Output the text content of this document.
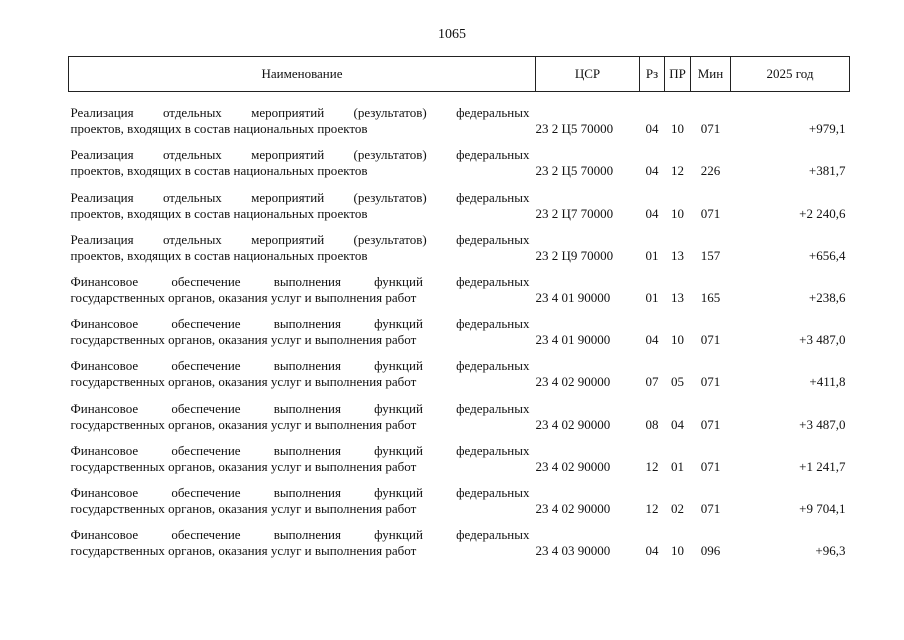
1065
Наименование	ЦСР	Рз	ПР	Мин	2025 год

Реализация отдельных мероприятий (результатов) федеральных
проектов, входящих в состав национальных проектов	23 2 Ц5 70000	04	10	071	+979,1

Реализация отдельных мероприятий (результатов) федеральных
проектов, входящих в состав национальных проектов	23 2 Ц5 70000	04	12	226	+381,7

Реализация отдельных мероприятий (результатов) федеральных
проектов, входящих в состав национальных проектов	23 2 Ц7 70000	04	10	071	+2 240,6

Реализация отдельных мероприятий (результатов) федеральных
проектов, входящих в состав национальных проектов	23 2 Ц9 70000	01	13	157	+656,4

Финансовое обеспечение выполнения функций федеральных
государственных органов, оказания услуг и выполнения работ	23 4 01 90000	01	13	165	+238,6

Финансовое обеспечение выполнения функций федеральных
государственных органов, оказания услуг и выполнения работ	23 4 01 90000	04	10	071	+3 487,0

Финансовое обеспечение выполнения функций федеральных
государственных органов, оказания услуг и выполнения работ	23 4 02 90000	07	05	071	+411,8

Финансовое обеспечение выполнения функций федеральных
государственных органов, оказания услуг и выполнения работ	23 4 02 90000	08	04	071	+3 487,0

Финансовое обеспечение выполнения функций федеральных
государственных органов, оказания услуг и выполнения работ	23 4 02 90000	12	01	071	+1 241,7

Финансовое обеспечение выполнения функций федеральных
государственных органов, оказания услуг и выполнения работ	23 4 02 90000	12	02	071	+9 704,1

Финансовое обеспечение выполнения функций федеральных
государственных органов, оказания услуг и выполнения работ	23 4 03 90000	04	10	096	+96,3
